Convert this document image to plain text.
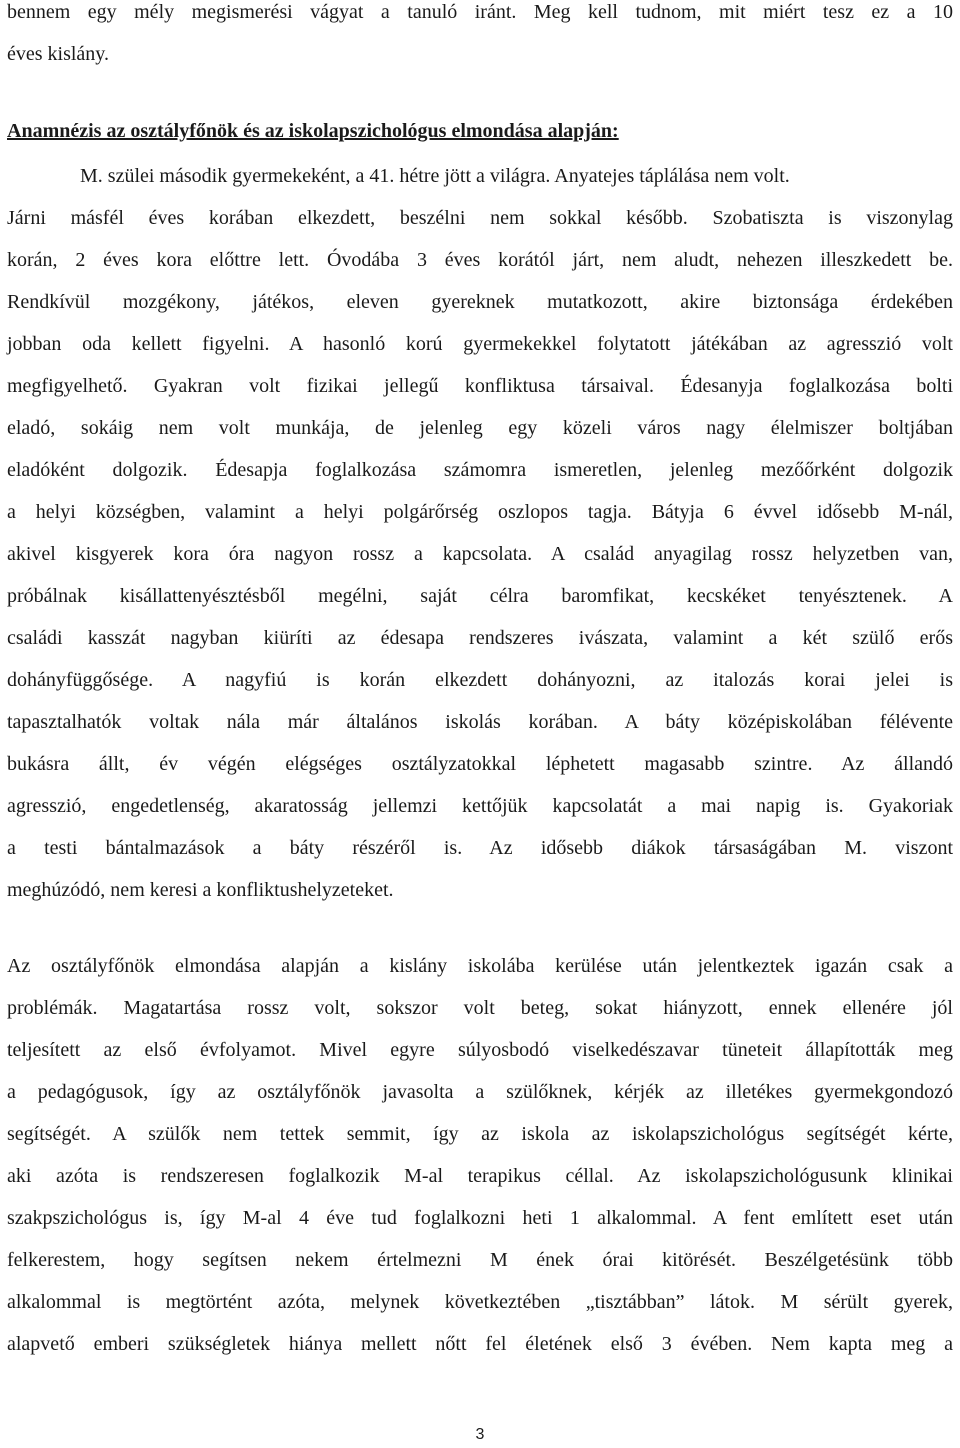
bennem egy mély megismerési vágyat a tanuló iránt. Meg kell tudnom, mit miért tesz ez a 10
éves kislány.
Anamnézis az osztályfőnök és az iskolapszichológus elmondása alapján:
M. szülei második gyermekeként, a 41. hétre jött a világra. Anyatejes táplálása nem volt.
Járni másfél éves korában elkezdett, beszélni nem sokkal később. Szobatiszta is viszonylag
korán, 2 éves kora előttre lett. Óvodába 3 éves korától járt, nem aludt, nehezen illeszkedett be.
Rendkívül mozgékony, játékos, eleven gyereknek mutatkozott, akire biztonsága érdekében
jobban oda kellett figyelni. A hasonló korú gyermekekkel folytatott játékában az agresszió volt
megfigyelhető. Gyakran volt fizikai jellegű konfliktusa társaival. Édesanyja foglalkozása bolti
eladó, sokáig nem volt munkája, de jelenleg egy közeli város nagy élelmiszer boltjában
eladóként dolgozik. Édesapja foglalkozása számomra ismeretlen, jelenleg mezőőrként dolgozik
a helyi községben, valamint a helyi polgárőrség oszlopos tagja. Bátyja 6 évvel idősebb M-nál,
akivel kisgyerek kora óra nagyon rossz a kapcsolata. A család anyagilag rossz helyzetben van,
próbálnak kisállattenyésztésből megélni, saját célra baromfikat, kecskéket tenyésztenek. A
családi kasszát nagyban kiüríti az édesapa rendszeres ivászata, valamint a két szülő erős
dohányfüggősége. A nagyfiú is korán elkezdett dohányozni, az italozás korai jelei is
tapasztalhatók voltak nála már általános iskolás korában. A báty középiskolában félévente
bukásra állt, év végén elégséges osztályzatokkal léphetett magasabb szintre. Az állandó
agresszió, engedetlenség, akaratosság jellemzi kettőjük kapcsolatát a mai napig is. Gyakoriak
a testi bántalmazások a báty részéről is. Az idősebb diákok társaságában M. viszont
meghúzódó, nem keresi a konfliktushelyzeteket.
Az osztályfőnök elmondása alapján a kislány iskolába kerülése után jelentkeztek igazán csak a
problémák. Magatartása rossz volt, sokszor volt beteg, sokat hiányzott, ennek ellenére jól
teljesített az első évfolyamot. Mivel egyre súlyosbodó viselkedészavar tüneteit állapították meg
a pedagógusok, így az osztályfőnök javasolta a szülőknek, kérjék az illetékes gyermekgondozó
segítségét. A szülők nem tettek semmit, így az iskola az iskolapszichológus segítségét kérte,
aki azóta is rendszeresen foglalkozik M-al terapikus céllal. Az iskolapszichológusunk klinikai
szakpszichológus is, így M-al 4 éve tud foglalkozni heti 1 alkalommal. A fent említett eset után
felkerestem, hogy segítsen nekem értelmezni M ének órai kitörését. Beszélgetésünk több
alkalommal is megtörtént azóta, melynek következtében „tisztábban” látok. M sérült gyerek,
alapvető emberi szükségletek hiánya mellett nőtt fel életének első 3 évében. Nem kapta meg a
3
